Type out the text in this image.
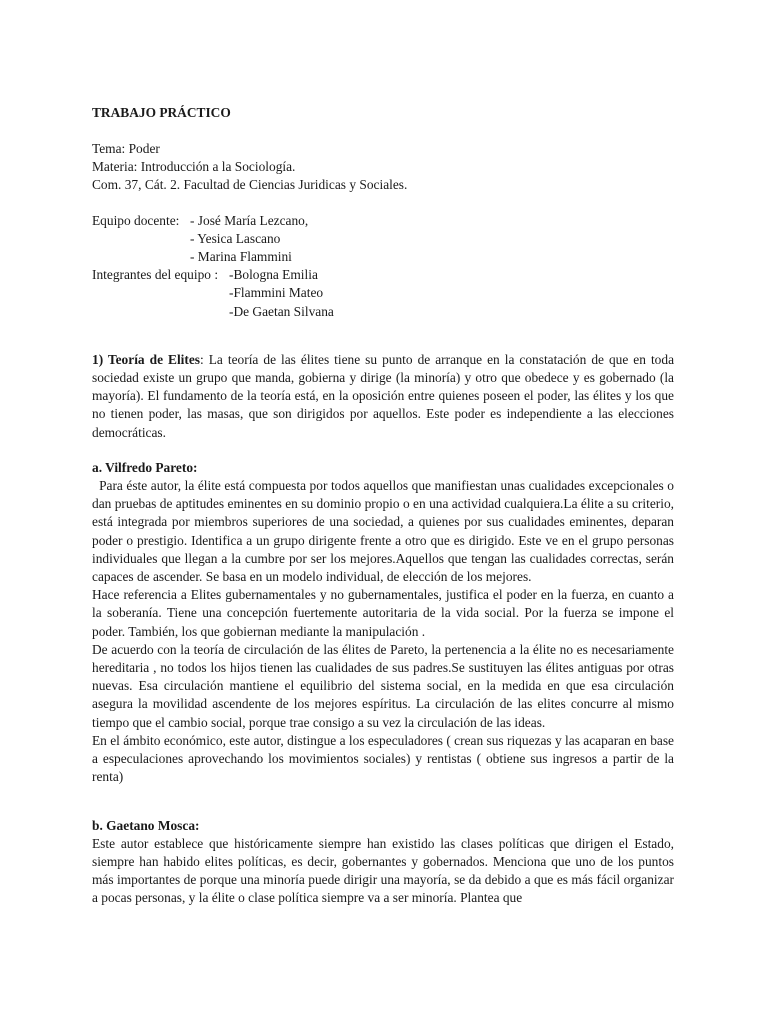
TRABAJO PRÁCTICO
Tema: Poder
Materia: Introducción a la Sociología.
Com. 37, Cát. 2. Facultad de Ciencias Juridicas y Sociales.
Equipo docente: - José María Lezcano,
- Yesica Lascano
- Marina Flammini
Integrantes del equipo : -Bologna Emilia
-Flammini Mateo
-De Gaetan Silvana

1) Teoría de Elites: La teoría de las élites tiene su punto de arranque en la constatación de que en toda sociedad existe un grupo que manda, gobierna y dirige (la minoría) y otro que obedece y es gobernado (la mayoría). El fundamento de la teoría está, en la oposición entre quienes poseen el poder, las élites y los que no tienen poder, las masas, que son dirigidos por aquellos. Este poder es independiente a las elecciones democráticas.

a. Vilfredo Pareto:

Para éste autor, la élite está compuesta por todos aquellos que manifiestan unas cualidades excepcionales o dan pruebas de aptitudes eminentes en su dominio propio o en una actividad cualquiera.La élite a su criterio, está integrada por miembros superiores de una sociedad, a quienes por sus cualidades eminentes, deparan poder o prestigio. Identifica a un grupo dirigente frente a otro que es dirigido. Este ve en el grupo personas individuales que llegan a la cumbre por ser los mejores.Aquellos que tengan las cualidades correctas, serán capaces de ascender. Se basa en un modelo individual, de elección de los mejores.

Hace referencia a Elites gubernamentales y no gubernamentales, justifica el poder en la fuerza, en cuanto a la soberanía. Tiene una concepción fuertemente autoritaria de la vida social. Por la fuerza se impone el poder. También, los que gobiernan mediante la manipulación .

De acuerdo con la teoría de circulación de las élites de Pareto, la pertenencia a la élite no es necesariamente hereditaria , no todos los hijos tienen las cualidades de sus padres.Se sustituyen las élites antiguas por otras nuevas. Esa circulación mantiene el equilibrio del sistema social, en la medida en que esa circulación asegura la movilidad ascendente de los mejores espíritus. La circulación de las elites concurre al mismo tiempo que el cambio social, porque trae consigo a su vez la circulación de las ideas.

En el ámbito económico, este autor, distingue a los especuladores ( crean sus riquezas y las acaparan en base a especulaciones aprovechando los movimientos sociales) y rentistas ( obtiene sus ingresos a partir de la renta)

b. Gaetano Mosca:

Este autor establece que históricamente siempre han existido las clases políticas que dirigen el Estado, siempre han habido elites políticas, es decir, gobernantes y gobernados. Menciona que uno de los puntos más importantes de porque una minoría puede dirigir una mayoría, se da debido a que es más fácil organizar a pocas personas, y la élite o clase política siempre va a ser minoría. Plantea que
